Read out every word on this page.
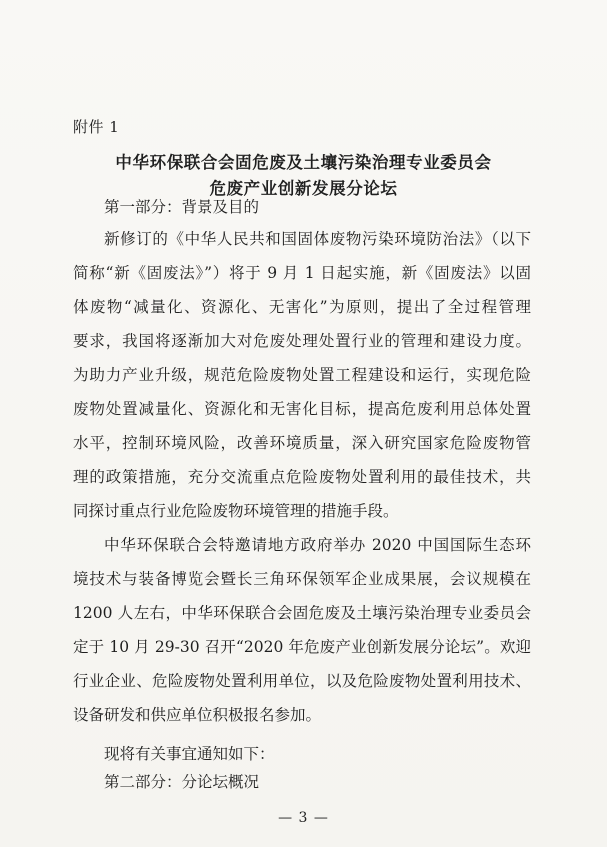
附件 1
中华环保联合会固危废及土壤污染治理专业委员会
危废产业创新发展分论坛
第一部分：背景及目的
新修订的《中华人民共和国固体废物污染环境防治法》（以下
简称“新《固废法》”）将于 9 月 1 日起实施，新《固废法》以固
体废物“减量化、资源化、无害化”为原则，提出了全过程管理
要求，我国将逐渐加大对危废处理处置行业的管理和建设力度。
为助力产业升级，规范危险废物处置工程建设和运行，实现危险
废物处置减量化、资源化和无害化目标，提高危废利用总体处置
水平，控制环境风险，改善环境质量，深入研究国家危险废物管
理的政策措施，充分交流重点危险废物处置利用的最佳技术，共
同探讨重点行业危险废物环境管理的措施手段。
中华环保联合会特邀请地方政府举办 2020 中国国际生态环
境技术与装备博览会暨长三角环保领军企业成果展，会议规模在
1200 人左右，中华环保联合会固危废及土壤污染治理专业委员会
定于 10 月 29-30 召开“2020 年危废产业创新发展分论坛”。欢迎
行业企业、危险废物处置利用单位，以及危险废物处置利用技术、
设备研发和供应单位积极报名参加。
现将有关事宜通知如下：
第二部分：分论坛概况
— 3 —
